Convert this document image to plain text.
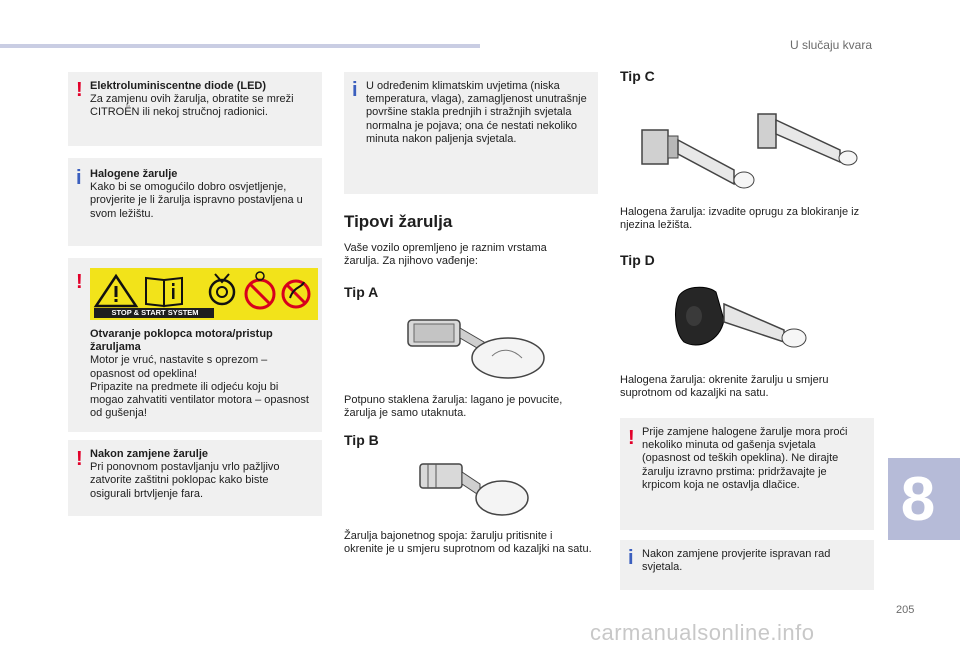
U slučaju kvara
! Elektroluminiscentne diode (LED)
Za zamjenu ovih žarulja, obratite se mreži CITROËN ili nekoj stručnoj radionici.
i Halogene žarulje
Kako bi se omogućilo dobro osvjetljenje, provjerite je li žarulja ispravno postavljena u svom ležištu.
!
STOP & START SYSTEM
Otvaranje poklopca motora/pristup žaruljama
Motor je vruć, nastavite s oprezom – opasnost od opeklina!
Pripazite na predmete ili odjeću koju bi mogao zahvatiti ventilator motora – opasnost od gušenja!
! Nakon zamjene žarulje
Pri ponovnom postavljanju vrlo pažljivo zatvorite zaštitni poklopac kako biste osigurali brtvljenje fara.
i U određenim klimatskim uvjetima (niska temperatura, vlaga), zamagljenost unutrašnje površine stakla prednjih i stražnjih svjetala normalna je pojava; ona će nestati nekoliko minuta nakon paljenja svjetala.
Tipovi žarulja
Vaše vozilo opremljeno je raznim vrstama žarulja. Za njihovo vađenje:
Tip A
Potpuno staklena žarulja: lagano je povucite, žarulja je samo utaknuta.
Tip B
Žarulja bajonetnog spoja: žarulju pritisnite i okrenite je u smjeru suprotnom od kazaljki na satu.
Tip C
Halogena žarulja: izvadite oprugu za blokiranje iz njezina ležišta.
Tip D
Halogena žarulja: okrenite žarulju u smjeru suprotnom od kazaljki na satu.
! Prije zamjene halogene žarulje mora proći nekoliko minuta od gašenja svjetala (opasnost od teških opeklina). Ne dirajte žarulju izravno prstima: pridržavajte je krpicom koja ne ostavlja dlačice.
i Nakon zamjene provjerite ispravan rad svjetala.
8
205
carmanualsonline.info
